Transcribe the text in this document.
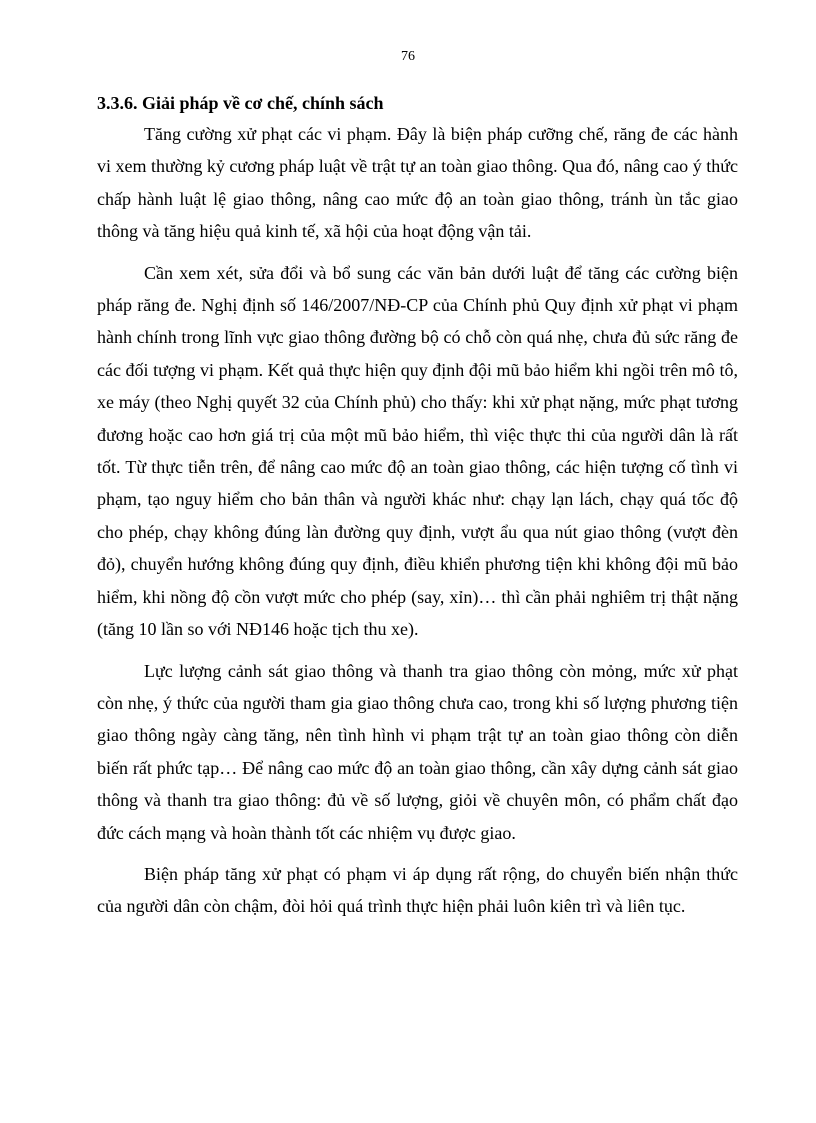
76

3.3.6. Giải pháp về cơ chế, chính sách

Tăng cường xử phạt các vi phạm. Đây là biện pháp cưỡng chế, răng đe các hành vi xem thường kỷ cương pháp luật về trật tự an toàn giao thông. Qua đó, nâng cao ý thức chấp hành luật lệ giao thông, nâng cao mức độ an toàn giao thông, tránh ùn tắc giao thông và tăng hiệu quả kinh tế, xã hội của hoạt động vận tải.

Cần xem xét, sửa đổi và bổ sung các văn bản dưới luật để tăng các cường biện pháp răng đe. Nghị định số 146/2007/NĐ-CP của Chính phủ Quy định xử phạt vi phạm hành chính trong lĩnh vực giao thông đường bộ có chỗ còn quá nhẹ, chưa đủ sức răng đe các đối tượng vi phạm. Kết quả thực hiện quy định đội mũ bảo hiểm khi ngồi trên mô tô, xe máy (theo Nghị quyết 32 của Chính phủ) cho thấy: khi xử phạt nặng, mức phạt tương đương hoặc cao hơn giá trị của một mũ bảo hiểm, thì việc thực thi của người dân là rất tốt. Từ thực tiễn trên, để nâng cao mức độ an toàn giao thông, các hiện tượng cố tình vi phạm, tạo nguy hiểm cho bản thân và người khác như: chạy lạn lách, chạy quá tốc độ cho phép, chạy không đúng làn đường quy định, vượt ẩu qua nút giao thông (vượt đèn đỏ), chuyển hướng không đúng quy định, điều khiển phương tiện khi không đội mũ bảo hiểm, khi nồng độ cồn vượt mức cho phép (say, xỉn)… thì cần phải nghiêm trị thật nặng (tăng 10 lần so với NĐ146 hoặc tịch thu xe).

Lực lượng cảnh sát giao thông và thanh tra giao thông còn mỏng, mức xử phạt còn nhẹ, ý thức của người tham gia giao thông chưa cao, trong khi số lượng phương tiện giao thông ngày càng tăng, nên tình hình vi phạm trật tự an toàn giao thông còn diễn biến rất phức tạp… Để nâng cao mức độ an toàn giao thông, cần xây dựng cảnh sát giao thông và thanh tra giao thông: đủ về số lượng, giỏi về chuyên môn, có phẩm chất đạo đức cách mạng và hoàn thành tốt các nhiệm vụ được giao.

Biện pháp tăng xử phạt có phạm vi áp dụng rất rộng, do chuyển biến nhận thức của người dân còn chậm, đòi hỏi quá trình thực hiện phải luôn kiên trì và liên tục.
